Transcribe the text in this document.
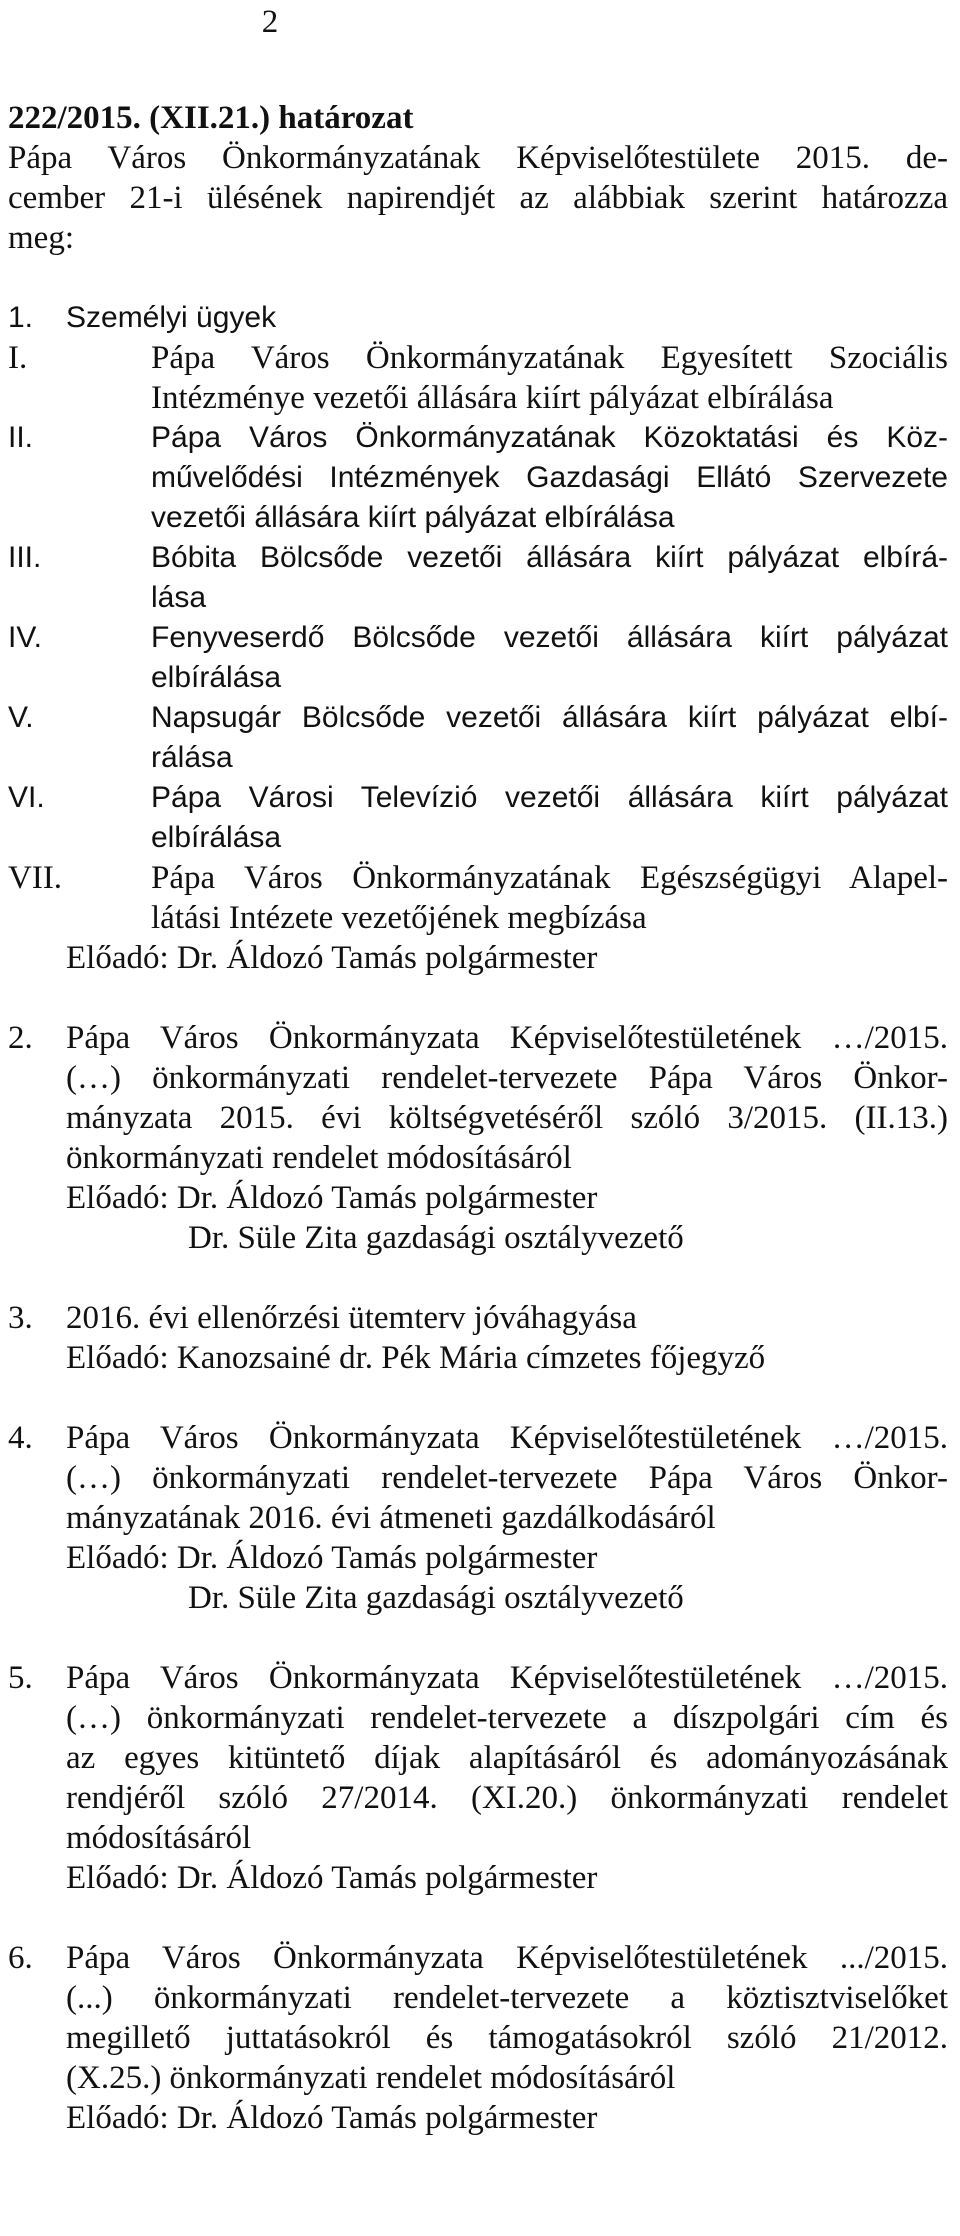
2

222/2015. (XII.21.) határozat

Pápa Város Önkormányzatának Képviselőtestülete 2015. de-

cember 21-i ülésének napirendjét az alábbiak szerint határozza

meg:

1. Személyi ügyek
I.	Pápa Város Önkormányzatának Egyesített Szociális
Intézménye vezetői állására kiírt pályázat elbírálása
II.	Pápa Város Önkormányzatának Közoktatási és Köz-
művelődési Intézmények Gazdasági Ellátó Szervezete
vezetői állására kiírt pályázat elbírálása
III.	Bóbita Bölcsőde vezetői állására kiírt pályázat elbírá-
lása
IV.	Fenyveserdő Bölcsőde vezetői állására kiírt pályázat
elbírálása
V.	Napsugár Bölcsőde vezetői állására kiírt pályázat elbí-
rálása
VI.	Pápa Városi Televízió vezetői állására kiírt pályázat
elbírálása
VII.	Pápa Város Önkormányzatának Egészségügyi Alapel-
látási Intézete vezetőjének megbízása

Előadó: Dr. Áldozó Tamás polgármester

2. Pápa Város Önkormányzata Képviselőtestületének …/2015.
(…) önkormányzati rendelet-tervezete Pápa Város Önkor-
mányzata 2015. évi költségvetéséről szóló 3/2015. (II.13.)
önkormányzati rendelet módosításáról
Előadó: Dr. Áldozó Tamás polgármester

Dr. Süle Zita gazdasági osztályvezető

3. 2016. évi ellenőrzési ütemterv jóváhagyása
Előadó: Kanozsainé dr. Pék Mária címzetes főjegyző
4. Pápa Város Önkormányzata Képviselőtestületének …/2015.
(…) önkormányzati rendelet-tervezete Pápa Város Önkor-
mányzatának 2016. évi átmeneti gazdálkodásáról
Előadó: Dr. Áldozó Tamás polgármester

Dr. Süle Zita gazdasági osztályvezető

5. Pápa Város Önkormányzata Képviselőtestületének …/2015.
(…) önkormányzati rendelet-tervezete a díszpolgári cím és
az egyes kitüntető díjak alapításáról és adományozásának
rendjéről szóló 27/2014. (XI.20.) önkormányzati rendelet
módosításáról
Előadó: Dr. Áldozó Tamás polgármester
6. Pápa Város Önkormányzata Képviselőtestületének .../2015.
(...) önkormányzati rendelet-tervezete a köztisztviselőket
megillető juttatásokról és támogatásokról szóló 21/2012.
(X.25.) önkormányzati rendelet módosításáról
Előadó: Dr. Áldozó Tamás polgármester
